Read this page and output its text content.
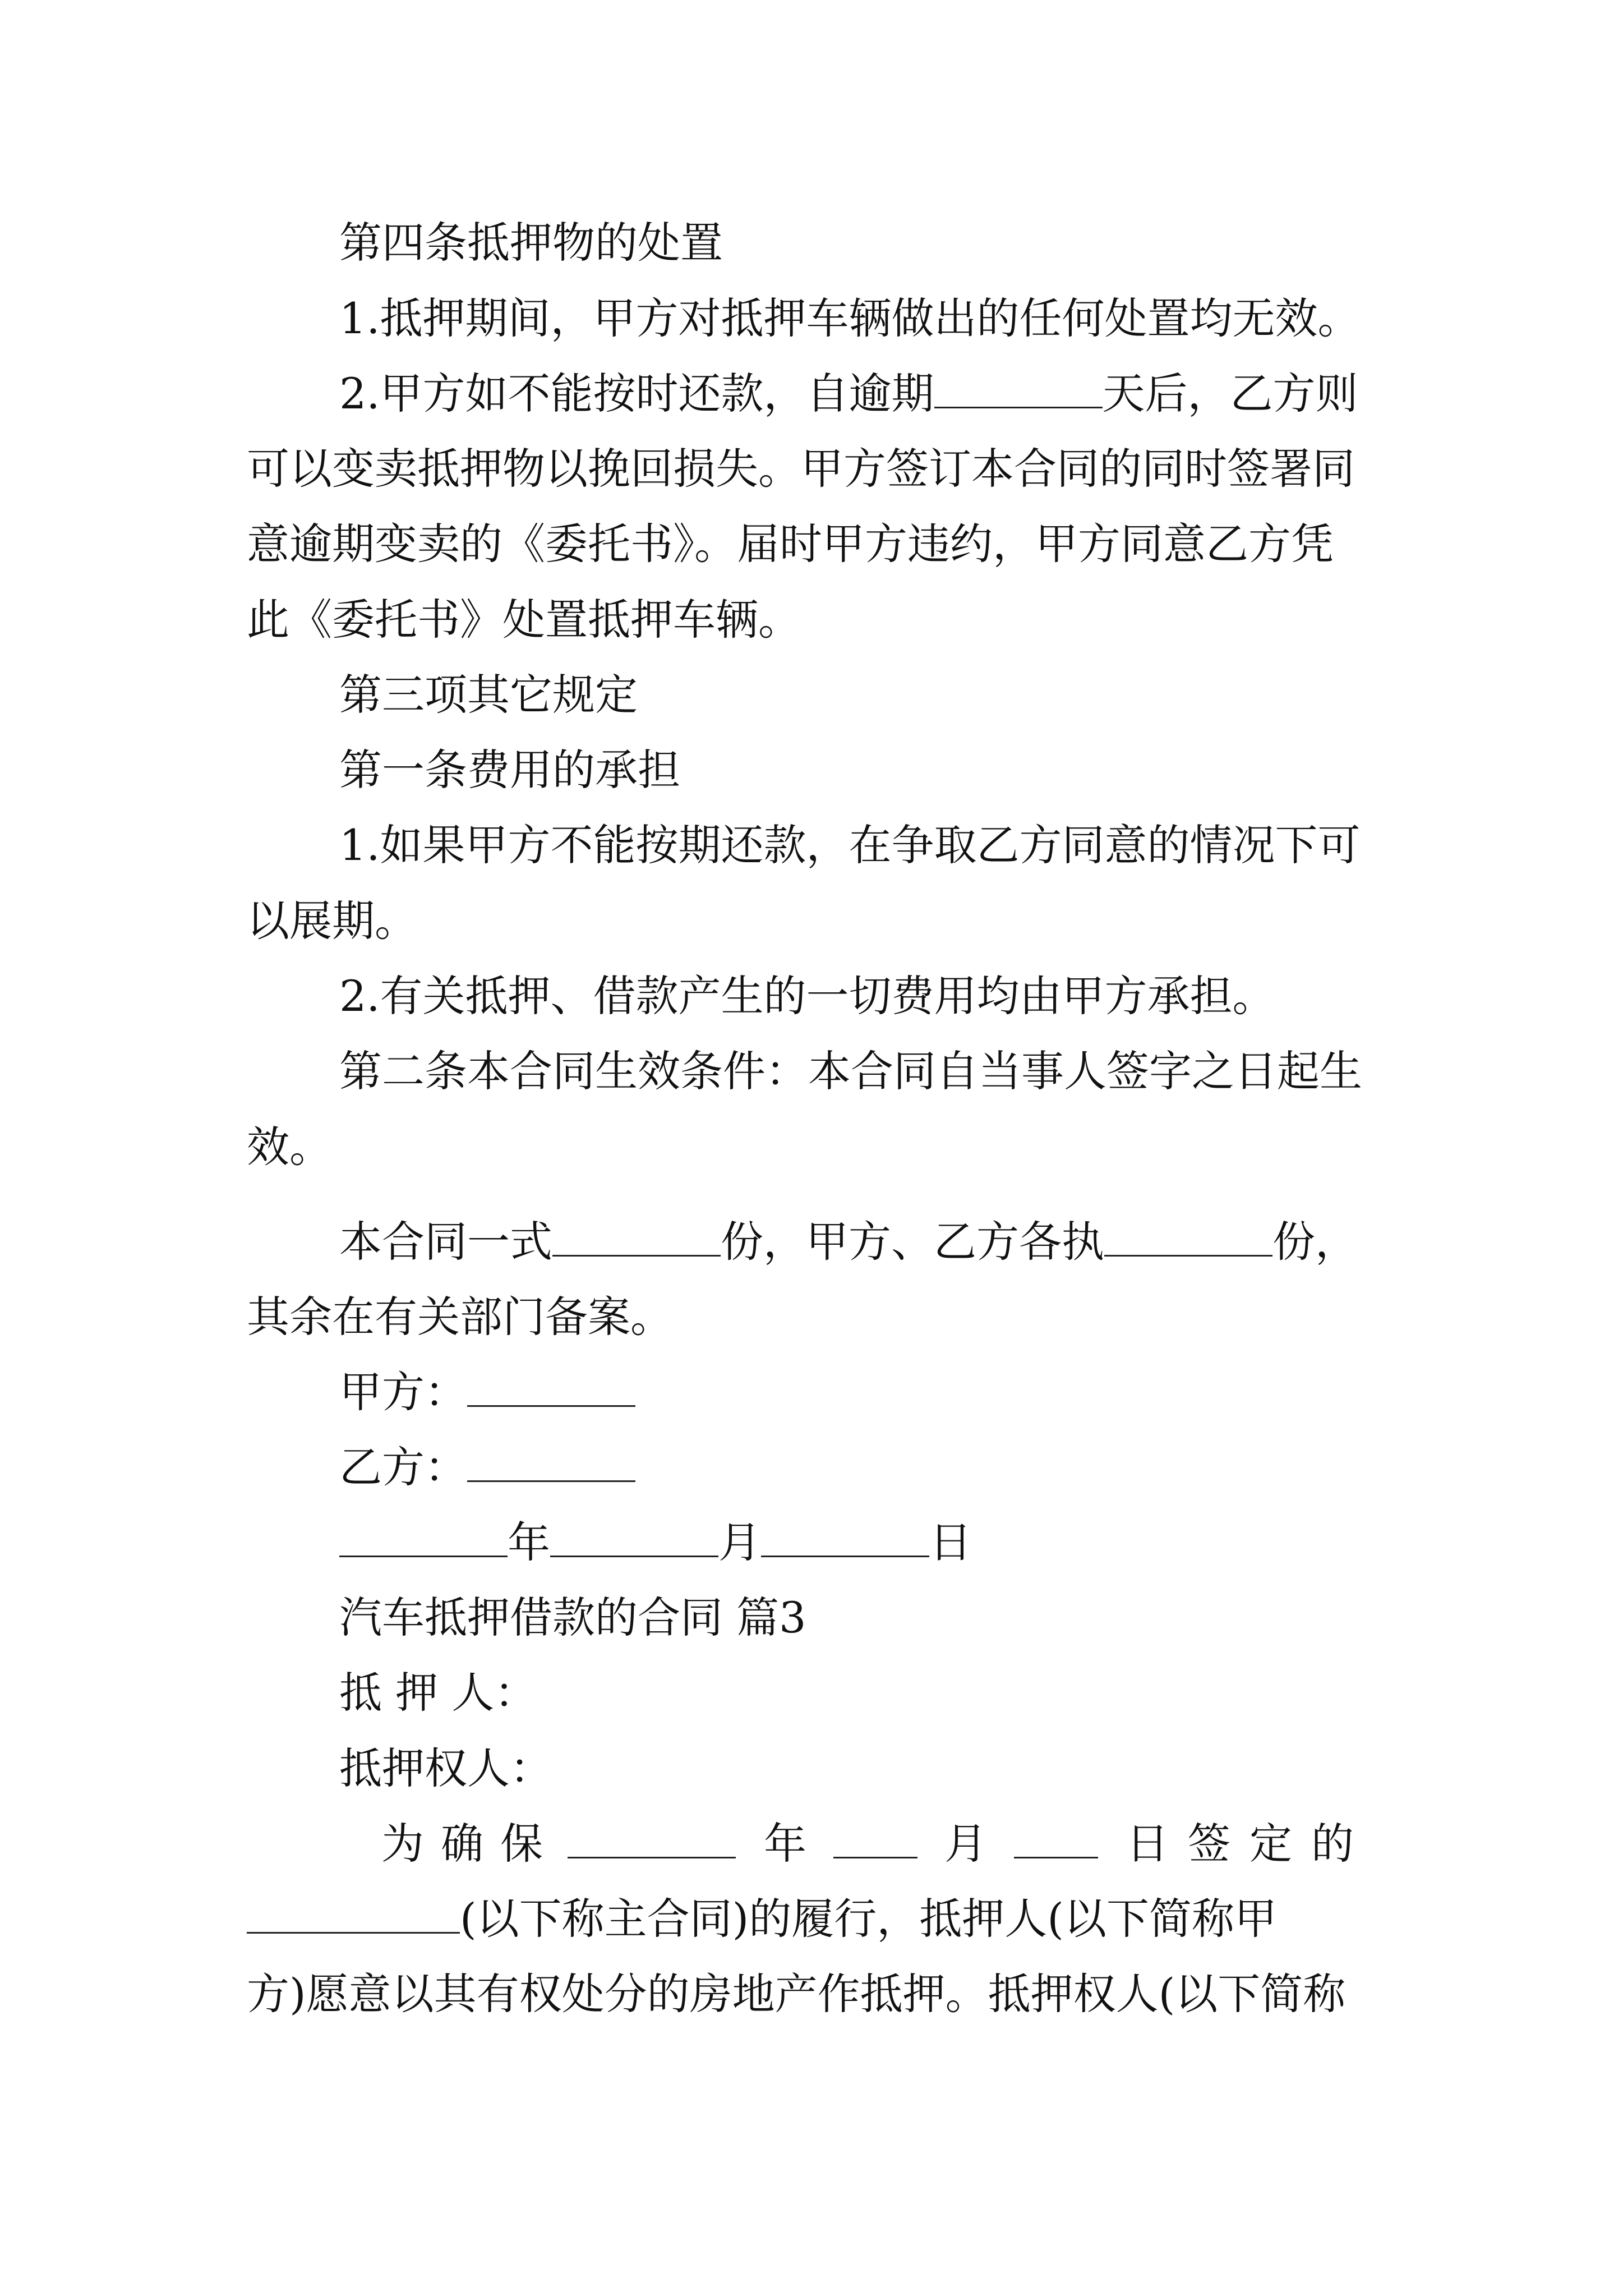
第四条抵押物的处置
1.抵押期间，甲方对抵押车辆做出的任何处置均无效。
2.甲方如不能按时还款，自逾期	天后，乙方则
可以变卖抵押物以挽回损失。甲方签订本合同的同时签署同
意逾期变卖的《委托书》。届时甲方违约，甲方同意乙方凭
此《委托书》处置抵押车辆。
第三项其它规定
第一条费用的承担
1.如果甲方不能按期还款，在争取乙方同意的情况下可
以展期。
2.有关抵押、借款产生的一切费用均由甲方承担。
第二条本合同生效条件：本合同自当事人签字之日起生
效。
本合同一式	份，甲方、乙方各执	份，
其余在有关部门备案。
甲方：
乙方：
年	月	日
汽车抵押借款的合同 篇3
抵 押 人：
抵押权人：
为确保	年	月	日签定的
(以下称主合同)的履行，抵押人(以下简称甲
方)愿意以其有权处分的房地产作抵押。抵押权人(以下简称
